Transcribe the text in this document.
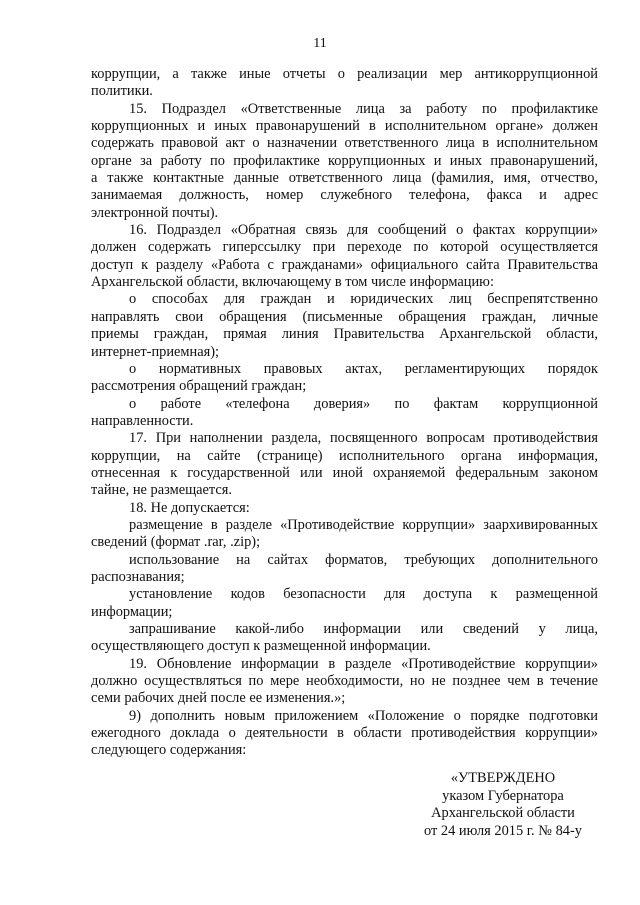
11
коррупции, а также иные отчеты о реализации мер антикоррупционной
политики.
15. Подраздел «Ответственные лица за работу по профилактике
коррупционных и иных правонарушений в исполнительном органе» должен
содержать правовой акт о назначении ответственного лица в исполнительном
органе за работу по профилактике коррупционных и иных правонарушений,
а также контактные данные ответственного лица (фамилия, имя, отчество,
занимаемая должность, номер служебного телефона, факса и адрес
электронной почты).
16. Подраздел «Обратная связь для сообщений о фактах коррупции»
должен содержать гиперссылку при переходе по которой осуществляется
доступ к разделу «Работа с гражданами» официального сайта Правительства
Архангельской области, включающему в том числе информацию:
о способах для граждан и юридических лиц беспрепятственно
направлять свои обращения (письменные обращения граждан, личные
приемы граждан, прямая линия Правительства Архангельской области,
интернет-приемная);
о нормативных правовых актах, регламентирующих порядок
рассмотрения обращений граждан;
о работе «телефона доверия» по фактам коррупционной
направленности.
17. При наполнении раздела, посвященного вопросам противодействия
коррупции, на сайте (странице) исполнительного органа информация,
отнесенная к государственной или иной охраняемой федеральным законом
тайне, не размещается.
18. Не допускается:
размещение в разделе «Противодействие коррупции» заархивированных
сведений (формат .rar, .zip);
использование на сайтах форматов, требующих дополнительного
распознавания;
установление кодов безопасности для доступа к размещенной
информации;
запрашивание какой-либо информации или сведений у лица,
осуществляющего доступ к размещенной информации.
19. Обновление информации в разделе «Противодействие коррупции»
должно осуществляться по мере необходимости, но не позднее чем в течение
семи рабочих дней после ее изменения.»;
9) дополнить новым приложением «Положение о порядке подготовки
ежегодного доклада о деятельности в области противодействия коррупции»
следующего содержания:
«УТВЕРЖДЕНО
указом Губернатора
Архангельской области
от 24 июля 2015 г. № 84-у
